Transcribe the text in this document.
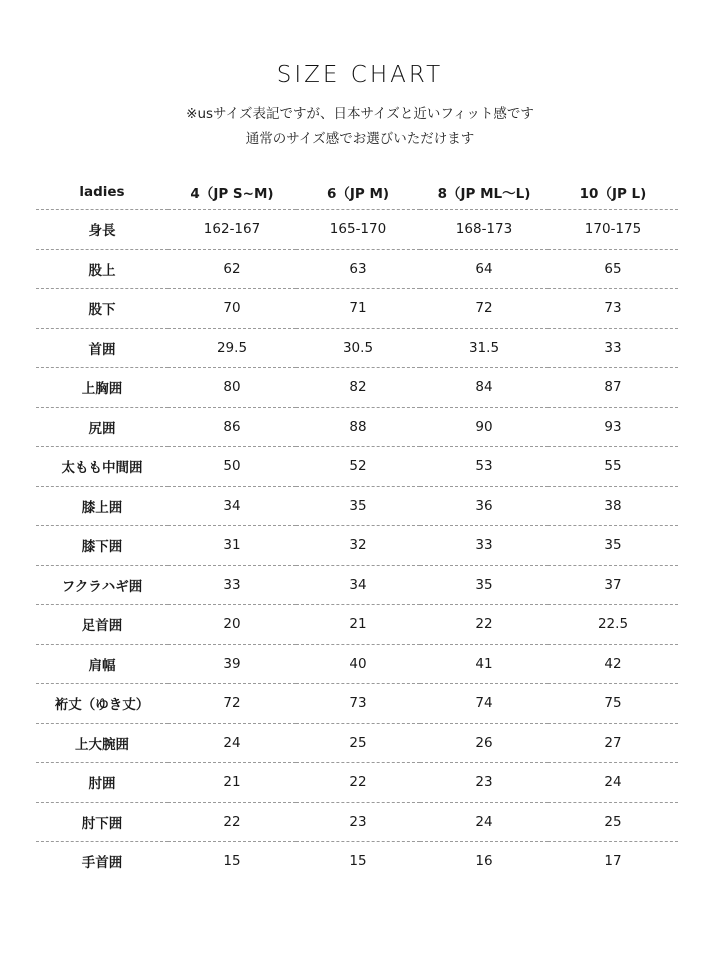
SIZE CHART
※usサイズ表記ですが、日本サイズと近いフィット感です
通常のサイズ感でお選びいただけます
ladies	4（JP S~M)	6（JP M)	8（JP ML〜L)	10（JP L)
身長	162-167	165-170	168-173	170-175
股上	62	63	64	65
股下	70	71	72	73
首囲	29.5	30.5	31.5	33
上胸囲	80	82	84	87
尻囲	86	88	90	93
太もも中間囲	50	52	53	55
膝上囲	34	35	36	38
膝下囲	31	32	33	35
フクラハギ囲	33	34	35	37
足首囲	20	21	22	22.5
肩幅	39	40	41	42
裄丈（ゆき丈）	72	73	74	75
上大腕囲	24	25	26	27
肘囲	21	22	23	24
肘下囲	22	23	24	25
手首囲	15	15	16	17
